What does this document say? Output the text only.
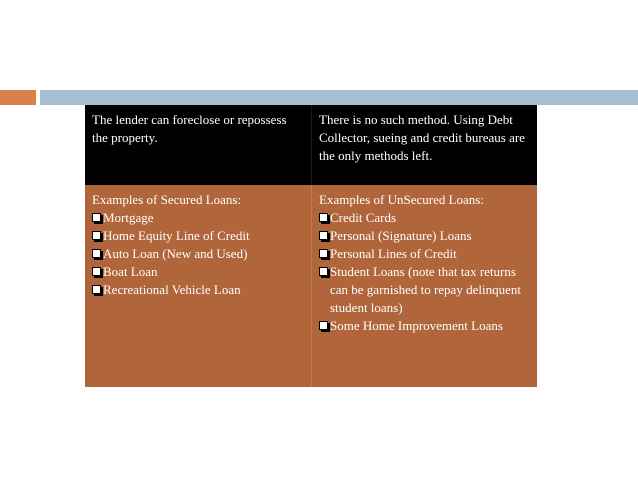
The lender can foreclose or repossess the property.
There is no such method. Using Debt Collector, sueing and credit bureaus are the only methods left.
Examples of Secured Loans:
Mortgage
Home Equity Line of Credit
Auto Loan (New and Used)
Boat Loan
Recreational Vehicle Loan
Examples of UnSecured Loans:
Credit Cards
Personal (Signature) Loans
Personal Lines of Credit
Student Loans (note that tax returns can be garnished to repay delinquent student loans)
Some Home Improvement Loans
